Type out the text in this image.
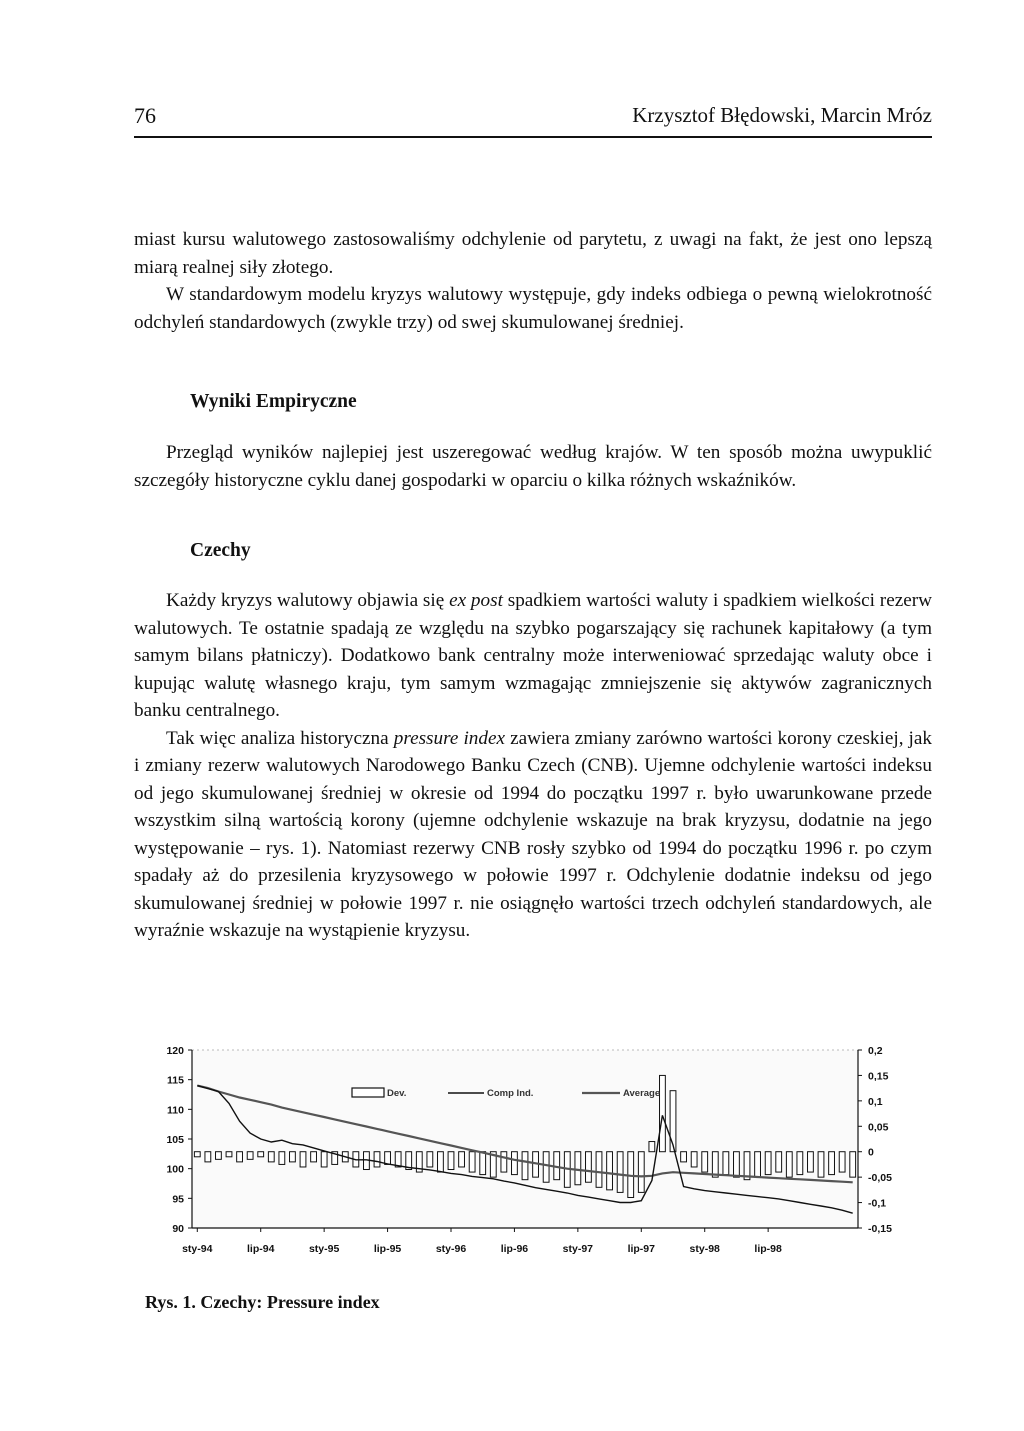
76	Krzysztof Błędowski, Marcin Mróz

miast kursu walutowego zastosowaliśmy odchylenie od parytetu, z uwagi na fakt, że jest ono lepszą miarą realnej siły złotego.

W standardowym modelu kryzys walutowy występuje, gdy indeks odbiega o pewną wielokrotność odchyleń standardowych (zwykle trzy) od swej skumulowanej średniej.

Wyniki Empiryczne

Przegląd wyników najlepiej jest uszeregować według krajów. W ten sposób można uwypuklić szczegóły historyczne cyklu danej gospodarki w oparciu o kilka różnych wskaźników.

Czechy

Każdy kryzys walutowy objawia się ex post spadkiem wartości waluty i spadkiem wielkości rezerw walutowych. Te ostatnie spadają ze względu na szybko pogarszający się rachunek kapitałowy (a tym samym bilans płatniczy). Dodatkowo bank centralny może interweniować sprzedając waluty obce i kupując walutę własnego kraju, tym samym wzmagając zmniejszenie się aktywów zagranicznych banku centralnego.

Tak więc analiza historyczna pressure index zawiera zmiany zarówno wartości korony czeskiej, jak i zmiany rezerw walutowych Narodowego Banku Czech (CNB). Ujemne odchylenie wartości indeksu od jego skumulowanej średniej w okresie od 1994 do początku 1997 r. było uwarunkowane przede wszystkim silną wartością korony (ujemne odchylenie wskazuje na brak kryzysu, dodatnie na jego występowanie – rys. 1). Natomiast rezerwy CNB rosły szybko od 1994 do początku 1996 r. po czym spadały aż do przesilenia kryzysowego w połowie 1997 r. Odchylenie dodatnie indeksu od jego skumulowanej średniej w połowie 1997 r. nie osiągnęło wartości trzech odchyleń standardowych, ale wyraźnie wskazuje na wystąpienie kryzysu.

120
115
110
105
100
95
90
0,2
0,15
0,1
0,05
0
-0,05
-0,1
-0,15
sty-94	lip-94	sty-95	lip-95	sty-96	lip-96	sty-97	lip-97	sty-98	lip-98
Dev.	Comp Ind.	Average
Rys. 1. Czechy: Pressure index
